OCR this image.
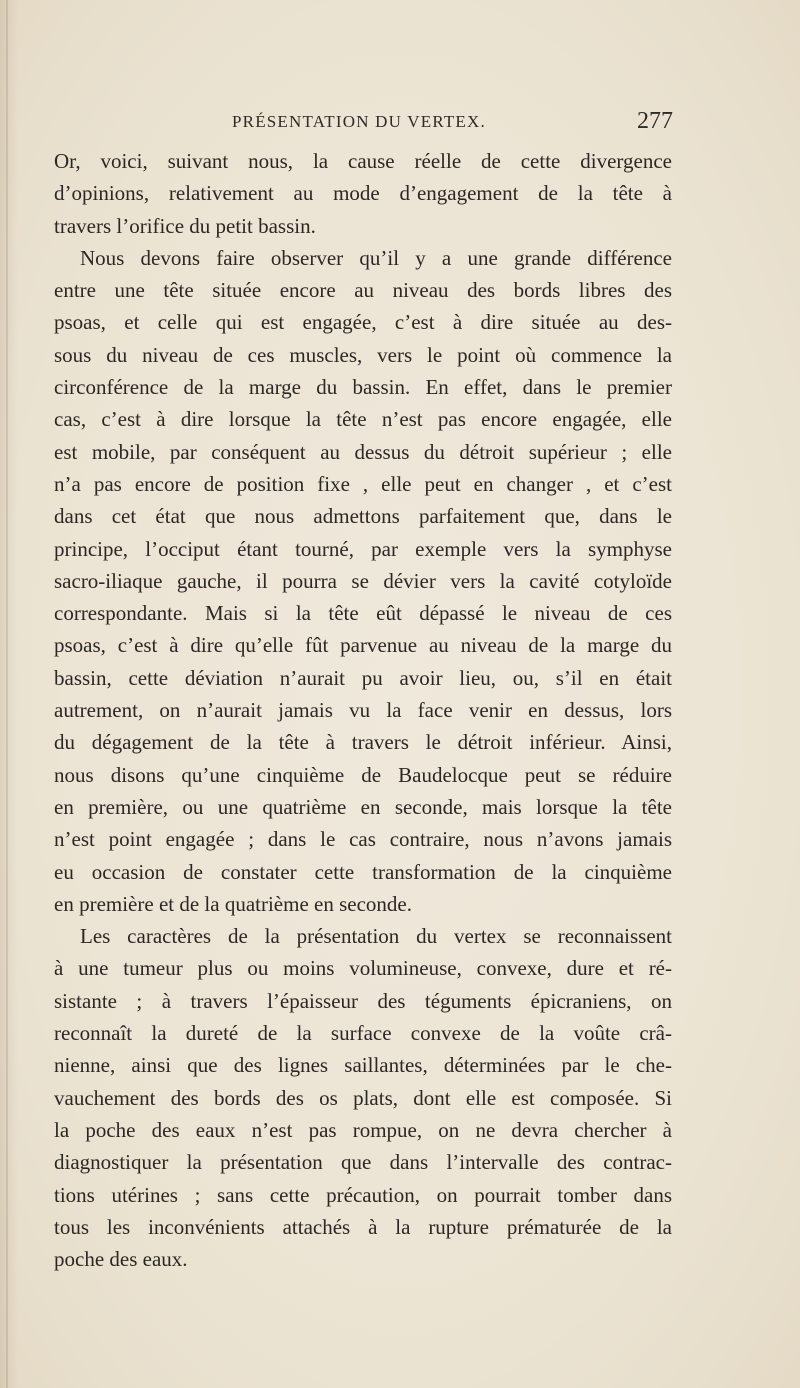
PRÉSENTATION DU VERTEX.	277
Or, voici, suivant nous, la cause réelle de cette divergence
d’opinions, relativement au mode d’engagement de la tête à
travers l’orifice du petit bassin.
Nous devons faire observer qu’il y a une grande différence
entre une tête située encore au niveau des bords libres des
psoas, et celle qui est engagée, c’est à dire située au des-
sous du niveau de ces muscles, vers le point où commence la
circonférence de la marge du bassin. En effet, dans le premier
cas, c’est à dire lorsque la tête n’est pas encore engagée, elle
est mobile, par conséquent au dessus du détroit supérieur ; elle
n’a pas encore de position fixe , elle peut en changer , et c’est
dans cet état que nous admettons parfaitement que, dans le
principe, l’occiput étant tourné, par exemple vers la symphyse
sacro-iliaque gauche, il pourra se dévier vers la cavité cotyloïde
correspondante. Mais si la tête eût dépassé le niveau de ces
psoas, c’est à dire qu’elle fût parvenue au niveau de la marge du
bassin, cette déviation n’aurait pu avoir lieu, ou, s’il en était
autrement, on n’aurait jamais vu la face venir en dessus, lors
du dégagement de la tête à travers le détroit inférieur. Ainsi,
nous disons qu’une cinquième de Baudelocque peut se réduire
en première, ou une quatrième en seconde, mais lorsque la tête
n’est point engagée ; dans le cas contraire, nous n’avons jamais
eu occasion de constater cette transformation de la cinquième
en première et de la quatrième en seconde.
Les caractères de la présentation du vertex se reconnaissent
à une tumeur plus ou moins volumineuse, convexe, dure et ré-
sistante ; à travers l’épaisseur des téguments épicraniens, on
reconnaît la dureté de la surface convexe de la voûte crâ-
nienne, ainsi que des lignes saillantes, déterminées par le che-
vauchement des bords des os plats, dont elle est composée. Si
la poche des eaux n’est pas rompue, on ne devra chercher à
diagnostiquer la présentation que dans l’intervalle des contrac-
tions utérines ; sans cette précaution, on pourrait tomber dans
tous les inconvénients attachés à la rupture prématurée de la
poche des eaux.
